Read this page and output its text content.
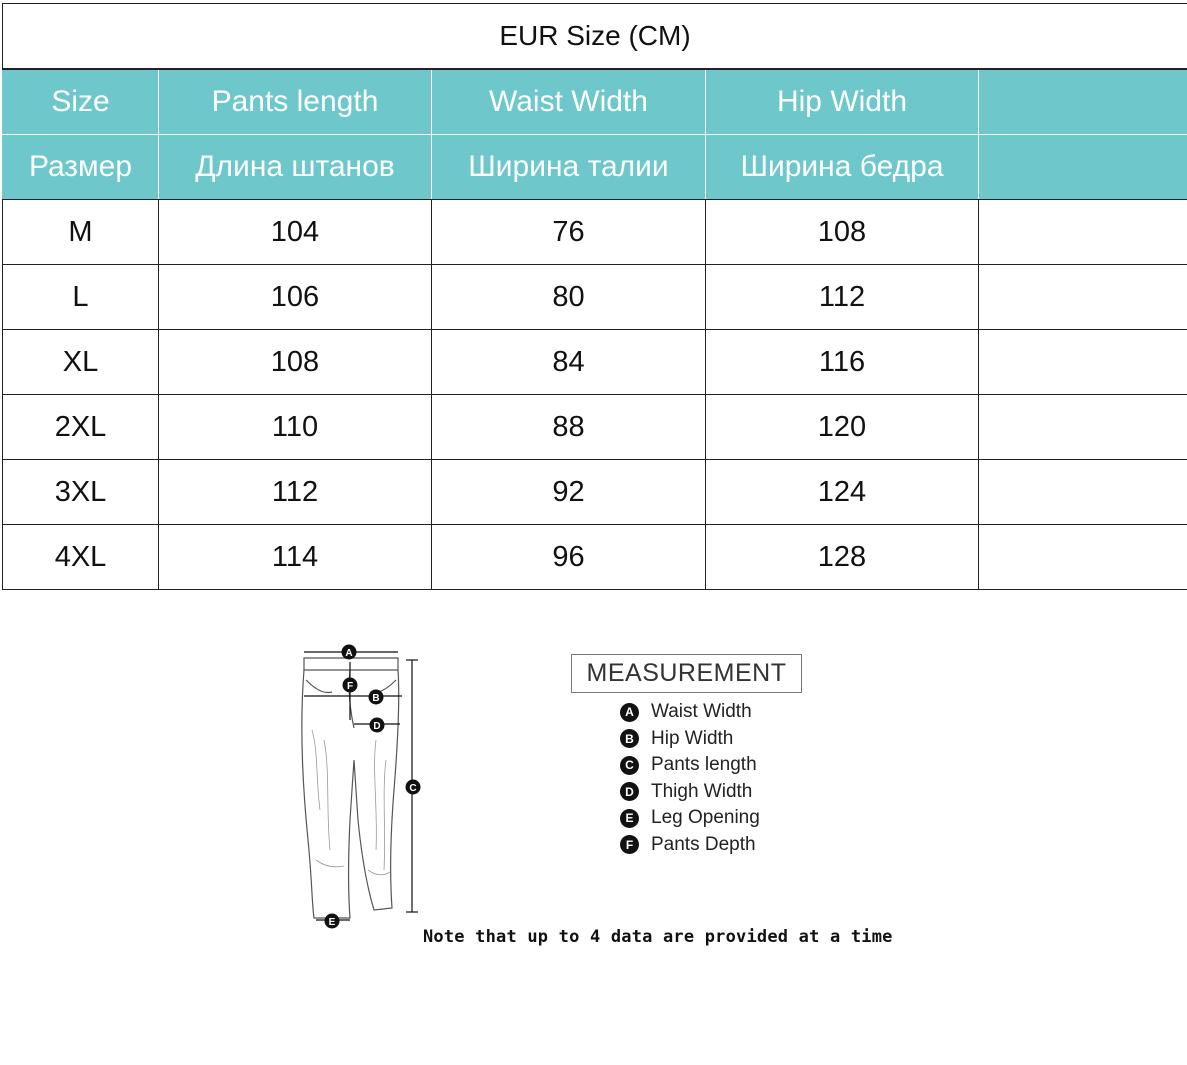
EUR Size (CM)				
Size	Pants length	Waist Width	Hip Width	
Размер	Длина штанов	Ширина талии	Ширина бедра	
M	104	76	108	
L	106	80	112	
XL	108	84	116	
2XL	110	88	120	
3XL	112	92	124	
4XL	114	96	128	
A
F
B
D
C
E
MEASUREMENT
A Waist Width
B Hip Width
C Pants length
D Thigh Width
E Leg Opening
F Pants Depth
Note that up to 4 data are provided at a time
